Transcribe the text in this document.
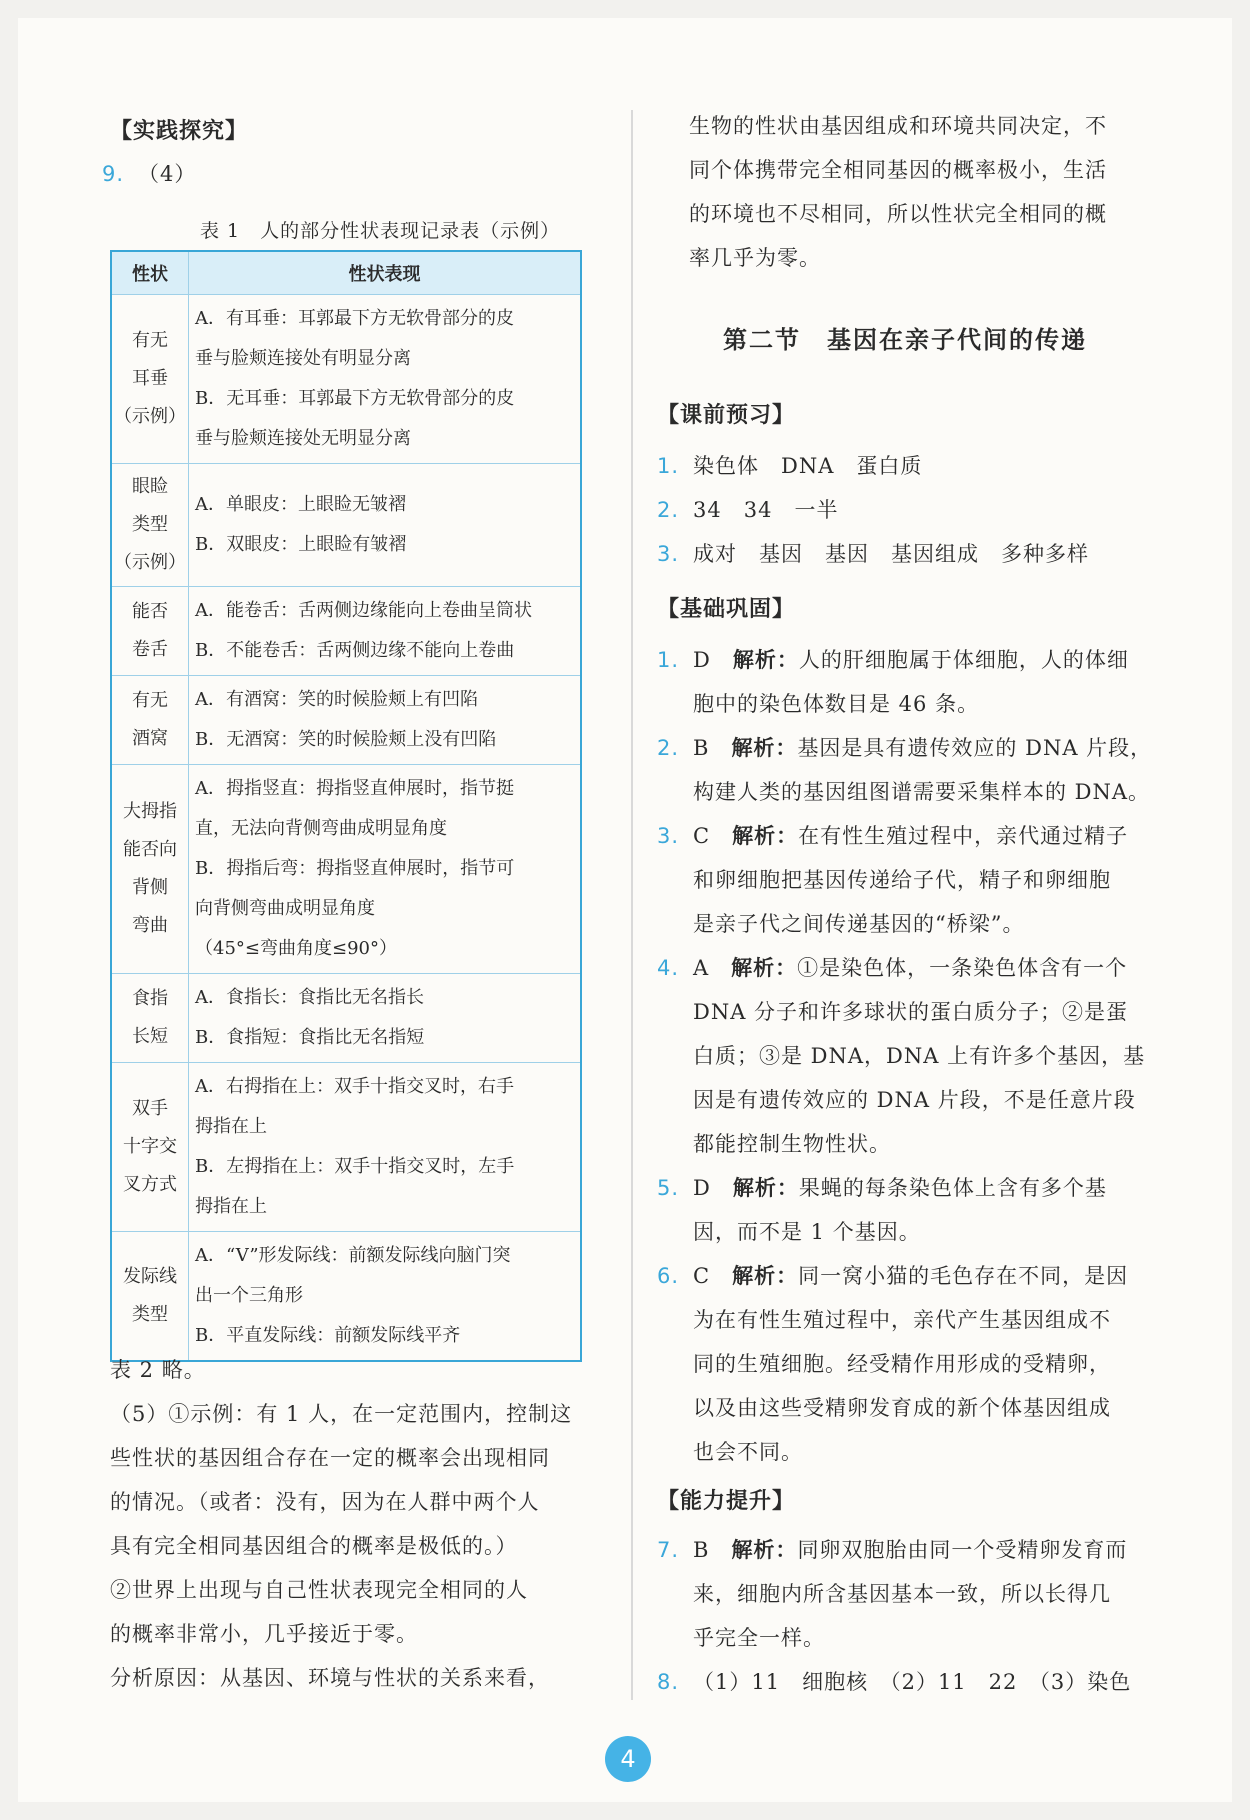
【实践探究】
9. （4）
表 1　人的部分性状表现记录表（示例）
性状	性状表现

有无
耳垂
（示例）	A．有耳垂：耳郭最下方无软骨部分的皮
垂与脸颊连接处有明显分离
B．无耳垂：耳郭最下方无软骨部分的皮
垂与脸颊连接处无明显分离

眼睑
类型
（示例）	A．单眼皮：上眼睑无皱褶
B．双眼皮：上眼睑有皱褶

能否
卷舌	A．能卷舌：舌两侧边缘能向上卷曲呈筒状
B．不能卷舌：舌两侧边缘不能向上卷曲

有无
酒窝	A．有酒窝：笑的时候脸颊上有凹陷
B．无酒窝：笑的时候脸颊上没有凹陷

大拇指
能否向
背侧
弯曲	A．拇指竖直：拇指竖直伸展时，指节挺
直，无法向背侧弯曲成明显角度
B．拇指后弯：拇指竖直伸展时，指节可
向背侧弯曲成明显角度
（45°≤弯曲角度≤90°）

食指
长短	A．食指长：食指比无名指长
B．食指短：食指比无名指短

双手
十字交
叉方式	A．右拇指在上：双手十指交叉时，右手
拇指在上
B．左拇指在上：双手十指交叉时，左手
拇指在上

发际线
类型	A．“V”形发际线：前额发际线向脑门突
出一个三角形
B．平直发际线：前额发际线平齐
表 2 略。
（5）①示例：有 1 人，在一定范围内，控制这
些性状的基因组合存在一定的概率会出现相同
的情况。（或者：没有，因为在人群中两个人
具有完全相同基因组合的概率是极低的。）
②世界上出现与自己性状表现完全相同的人
的概率非常小，几乎接近于零。
分析原因：从基因、环境与性状的关系来看，
生物的性状由基因组成和环境共同决定，不
同个体携带完全相同基因的概率极小，生活
的环境也不尽相同，所以性状完全相同的概
率几乎为零。
第二节　基因在亲子代间的传递
【课前预习】
1. 染色体　DNA　蛋白质
2. 34　34　一半
3. 成对　基因　基因　基因组成　多种多样
【基础巩固】
1. D　 解析：人的肝细胞属于体细胞，人的体细
胞中的染色体数目是 46 条。
2. B　 解析：基因是具有遗传效应的 DNA 片段，
构建人类的基因组图谱需要采集样本的 DNA。
3. C　 解析：在有性生殖过程中，亲代通过精子
和卵细胞把基因传递给子代，精子和卵细胞
是亲子代之间传递基因的“桥梁”。
4. A　 解析：①是染色体，一条染色体含有一个
DNA 分子和许多球状的蛋白质分子；②是蛋
白质；③是 DNA，DNA 上有许多个基因，基
因是有遗传效应的 DNA 片段，不是任意片段
都能控制生物性状。
5. D　 解析：果蝇的每条染色体上含有多个基
因，而不是 1 个基因。
6. C　 解析：同一窝小猫的毛色存在不同，是因
为在有性生殖过程中，亲代产生基因组成不
同的生殖细胞。经受精作用形成的受精卵，
以及由这些受精卵发育成的新个体基因组成
也会不同。
【能力提升】
7. B　 解析：同卵双胞胎由同一个受精卵发育而
来，细胞内所含基因基本一致，所以长得几
乎完全一样。
8. （1）11　细胞核　（2）11　22　（3）染色
4
